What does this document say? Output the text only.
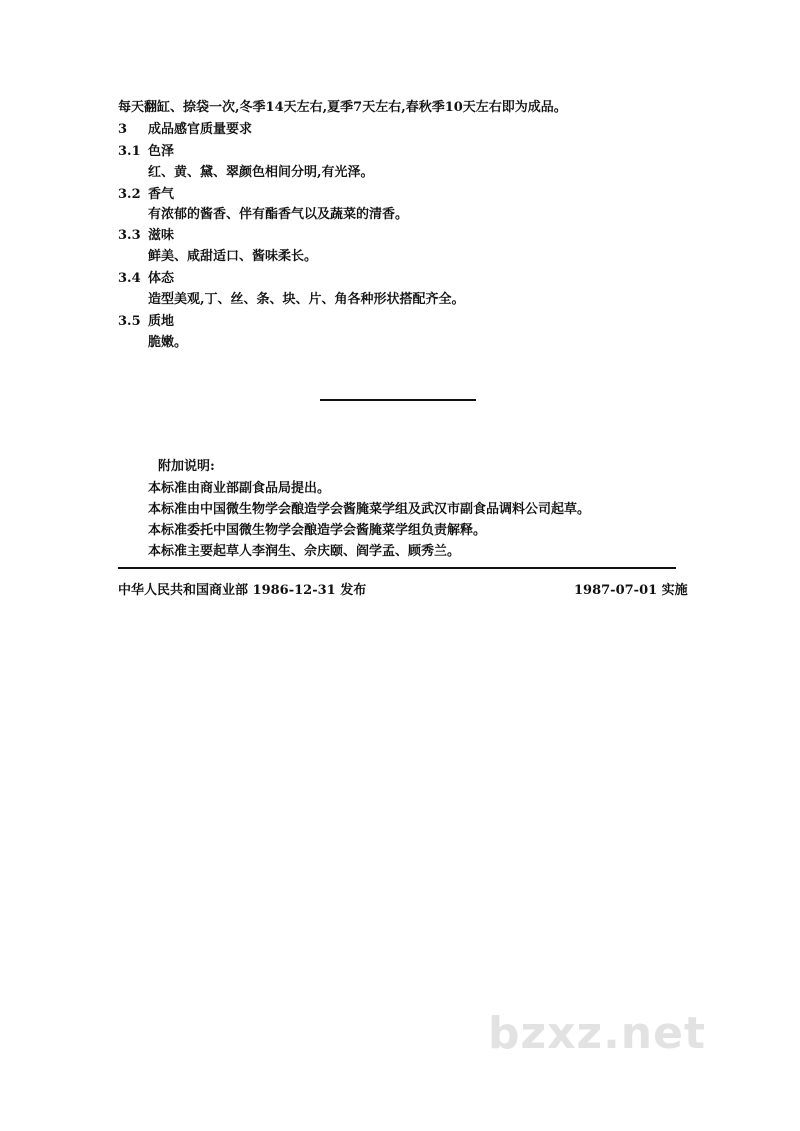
每天翻缸、捺袋一次,冬季14天左右,夏季7天左右,春秋季10天左右即为成品。
3 成品感官质量要求
3.1 色泽
红、黄、黛、翠颜色相间分明,有光泽。
3.2 香气
有浓郁的酱香、伴有酯香气以及蔬菜的清香。
3.3 滋味
鲜美、咸甜适口、酱味柔长。
3.4 体态
造型美观,丁、丝、条、块、片、角各种形状搭配齐全。
3.5 质地
脆嫩。
附加说明:
本标准由商业部副食品局提出。
本标准由中国微生物学会酿造学会酱腌菜学组及武汉市副食品调料公司起草。
本标准委托中国微生物学会酿造学会酱腌菜学组负责解释。
本标准主要起草人李润生、佘庆颐、阎学孟、顾秀兰。
中华人民共和国商业部 1986-12-31 发布	1987-07-01 实施
bzxz.net
